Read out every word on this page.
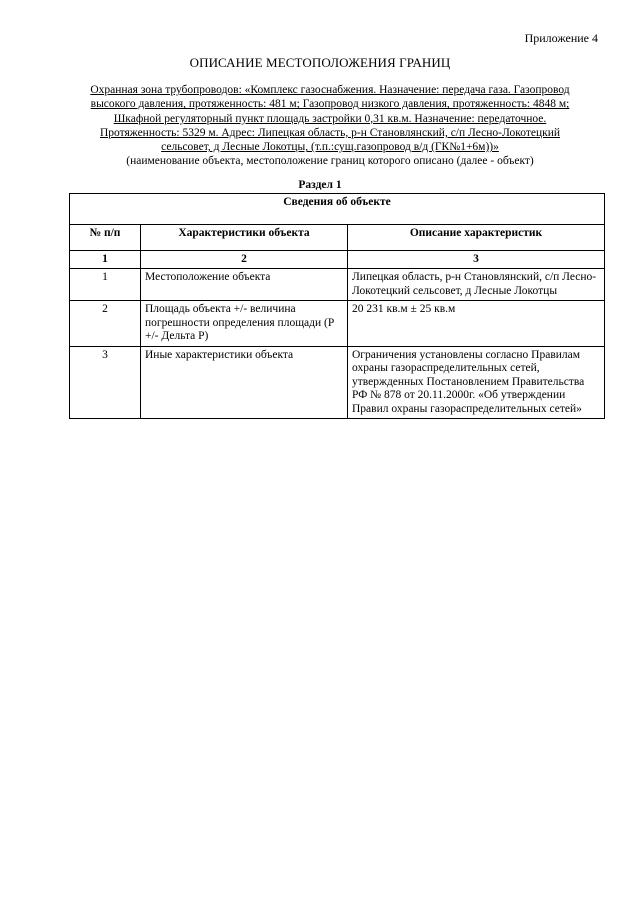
Приложение 4
ОПИСАНИЕ МЕСТОПОЛОЖЕНИЯ ГРАНИЦ
Охранная зона трубопроводов: «Комплекс газоснабжения. Назначение: передача газа. Газопровод
высокого давления, протяженность: 481 м; Газопровод низкого давления, протяженность: 4848 м;
Шкафной регуляторный пункт площадь застройки 0,31 кв.м. Назначение: передаточное.
Протяженность: 5329 м. Адрес: Липецкая область, р-н Становлянский, с/п Лесно-Локотецкий
сельсовет, д Лесные Локотцы, (т.п.:сущ.газопровод в/д (ГК№1+6м))»
(наименование объекта, местоположение границ которого описано (далее - объект)
Раздел 1
Сведения об объекте		
№ п/п	Характеристики объекта	Описание характеристик
1	2	3
1	Местоположение объекта	Липецкая область, р-н Становлянский, с/п Лесно-Локотецкий сельсовет, д Лесные Локотцы
2	Площадь объекта +/- величина погрешности определения площади (Р +/- Дельта Р)	20 231 кв.м ± 25 кв.м
3	Иные характеристики объекта	Ограничения установлены согласно Правилам охраны газораспределительных сетей, утвержденных Постановлением Правительства РФ № 878 от 20.11.2000г. «Об утверждении Правил охраны газораспределительных сетей»
